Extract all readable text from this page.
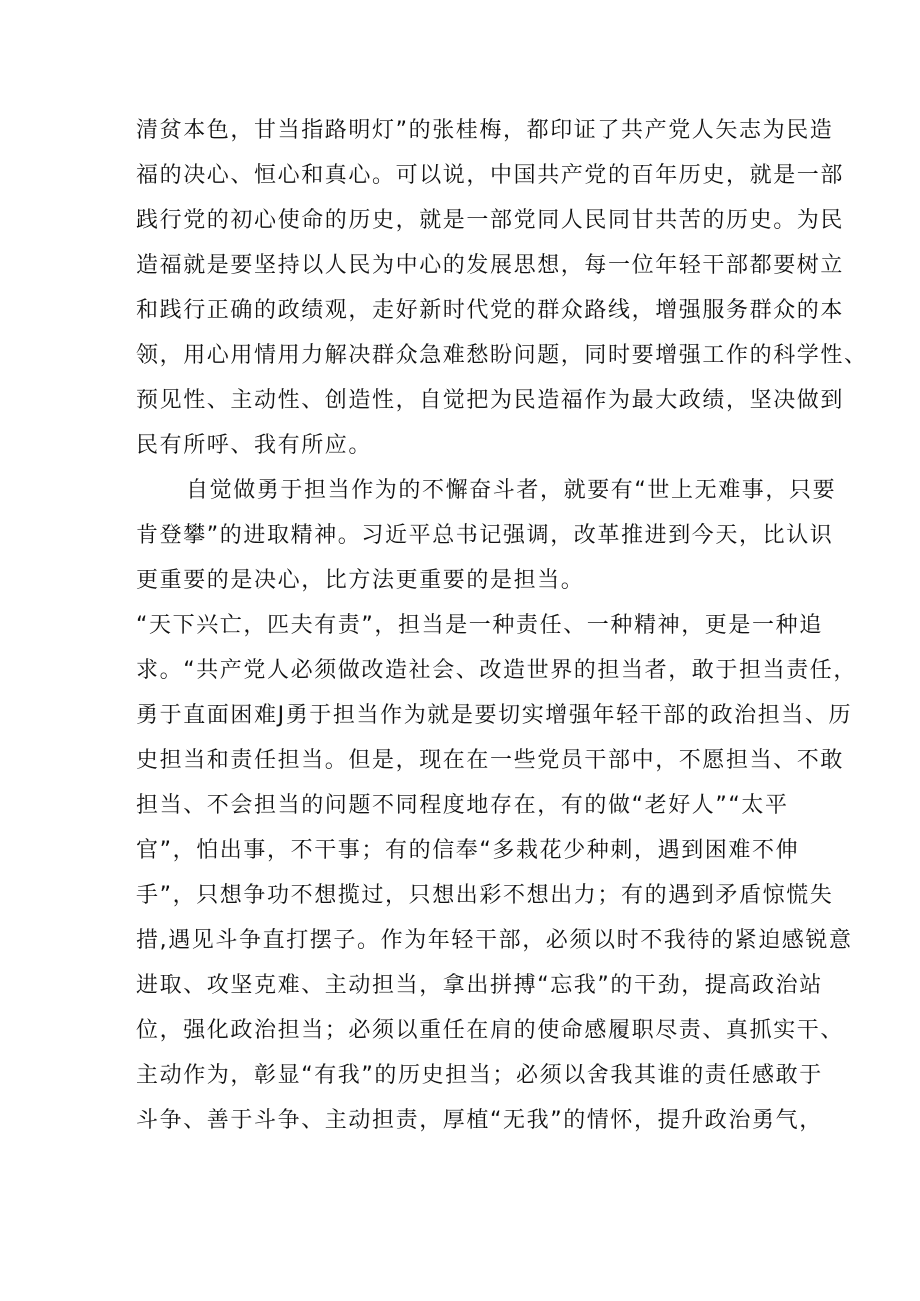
清贫本色，甘当指路明灯”的张桂梅，都印证了共产党人矢志为民造
福的决心、恒心和真心。可以说，中国共产党的百年历史，就是一部
践行党的初心使命的历史，就是一部党同人民同甘共苦的历史。为民
造福就是要坚持以人民为中心的发展思想，每一位年轻干部都要树立
和践行正确的政绩观，走好新时代党的群众路线，增强服务群众的本
领，用心用情用力解决群众急难愁盼问题，同时要增强工作的科学性、
预见性、主动性、创造性，自觉把为民造福作为最大政绩，坚决做到
民有所呼、我有所应。
自觉做勇于担当作为的不懈奋斗者，就要有“世上无难事，只要
肯登攀”的进取精神。习近平总书记强调，改革推进到今天，比认识
更重要的是决心，比方法更重要的是担当。
“天下兴亡，匹夫有责”，担当是一种责任、一种精神，更是一种追
求。“共产党人必须做改造社会、改造世界的担当者，敢于担当责任，
勇于直面困难J勇于担当作为就是要切实增强年轻干部的政治担当、历
史担当和责任担当。但是，现在在一些党员干部中，不愿担当、不敢
担当、不会担当的问题不同程度地存在，有的做“老好人”“太平
官”，怕出事，不干事；有的信奉“多栽花少种刺，遇到困难不伸
手”，只想争功不想揽过，只想出彩不想出力；有的遇到矛盾惊慌失
措,遇见斗争直打摆子。作为年轻干部，必须以时不我待的紧迫感锐意
进取、攻坚克难、主动担当，拿出拼搏“忘我”的干劲，提高政治站
位，强化政治担当；必须以重任在肩的使命感履职尽责、真抓实干、
主动作为，彰显“有我”的历史担当；必须以舍我其谁的责任感敢于
斗争、善于斗争、主动担责，厚植“无我”的情怀，提升政治勇气，
